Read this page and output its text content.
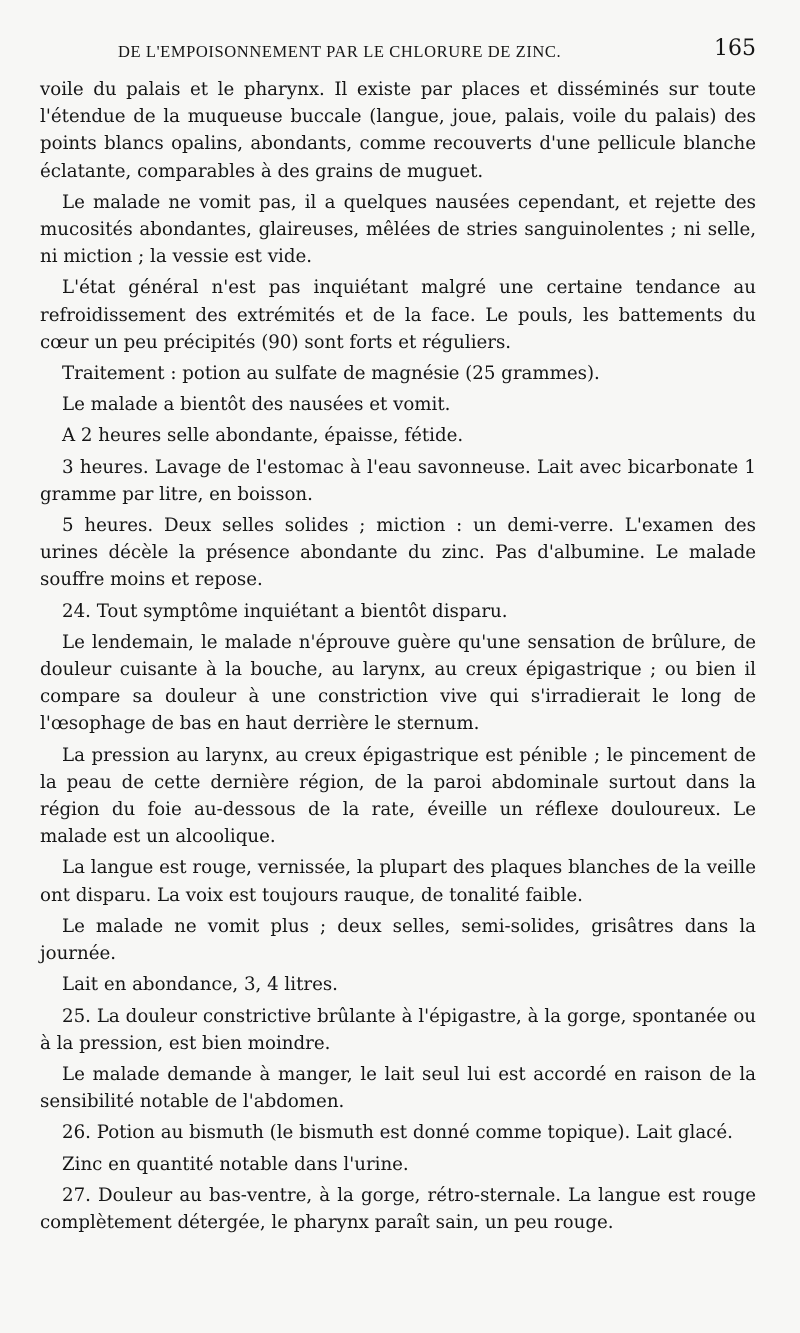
DE L'EMPOISONNEMENT PAR LE CHLORURE DE ZINC.	165

voile du palais et le pharynx. Il existe par places et disséminés sur toute l'étendue de la muqueuse buccale (langue, joue, palais, voile du palais) des points blancs opalins, abondants, comme recouverts d'une pellicule blanche éclatante, comparables à des grains de muguet.

Le malade ne vomit pas, il a quelques nausées cependant, et rejette des mucosités abondantes, glaireuses, mêlées de stries sanguinolentes ; ni selle, ni miction ; la vessie est vide.

L'état général n'est pas inquiétant malgré une certaine tendance au refroidissement des extrémités et de la face. Le pouls, les battements du cœur un peu précipités (90) sont forts et réguliers.

Traitement : potion au sulfate de magnésie (25 grammes).

Le malade a bientôt des nausées et vomit.

A 2 heures selle abondante, épaisse, fétide.

3 heures. Lavage de l'estomac à l'eau savonneuse. Lait avec bicarbonate 1 gramme par litre, en boisson.

5 heures. Deux selles solides ; miction : un demi-verre. L'examen des urines décèle la présence abondante du zinc. Pas d'albumine. Le malade souffre moins et repose.

24. Tout symptôme inquiétant a bientôt disparu.

Le lendemain, le malade n'éprouve guère qu'une sensation de brûlure, de douleur cuisante à la bouche, au larynx, au creux épigastrique ; ou bien il compare sa douleur à une constriction vive qui s'irradierait le long de l'œsophage de bas en haut derrière le sternum.

La pression au larynx, au creux épigastrique est pénible ; le pincement de la peau de cette dernière région, de la paroi abdominale surtout dans la région du foie au-dessous de la rate, éveille un réflexe douloureux. Le malade est un alcoolique.

La langue est rouge, vernissée, la plupart des plaques blanches de la veille ont disparu. La voix est toujours rauque, de tonalité faible.

Le malade ne vomit plus ; deux selles, semi-solides, grisâtres dans la journée.

Lait en abondance, 3, 4 litres.

25. La douleur constrictive brûlante à l'épigastre, à la gorge, spontanée ou à la pression, est bien moindre.

Le malade demande à manger, le lait seul lui est accordé en raison de la sensibilité notable de l'abdomen.

26. Potion au bismuth (le bismuth est donné comme topique). Lait glacé.

Zinc en quantité notable dans l'urine.

27. Douleur au bas-ventre, à la gorge, rétro-sternale. La langue est rouge complètement détergée, le pharynx paraît sain, un peu rouge.
